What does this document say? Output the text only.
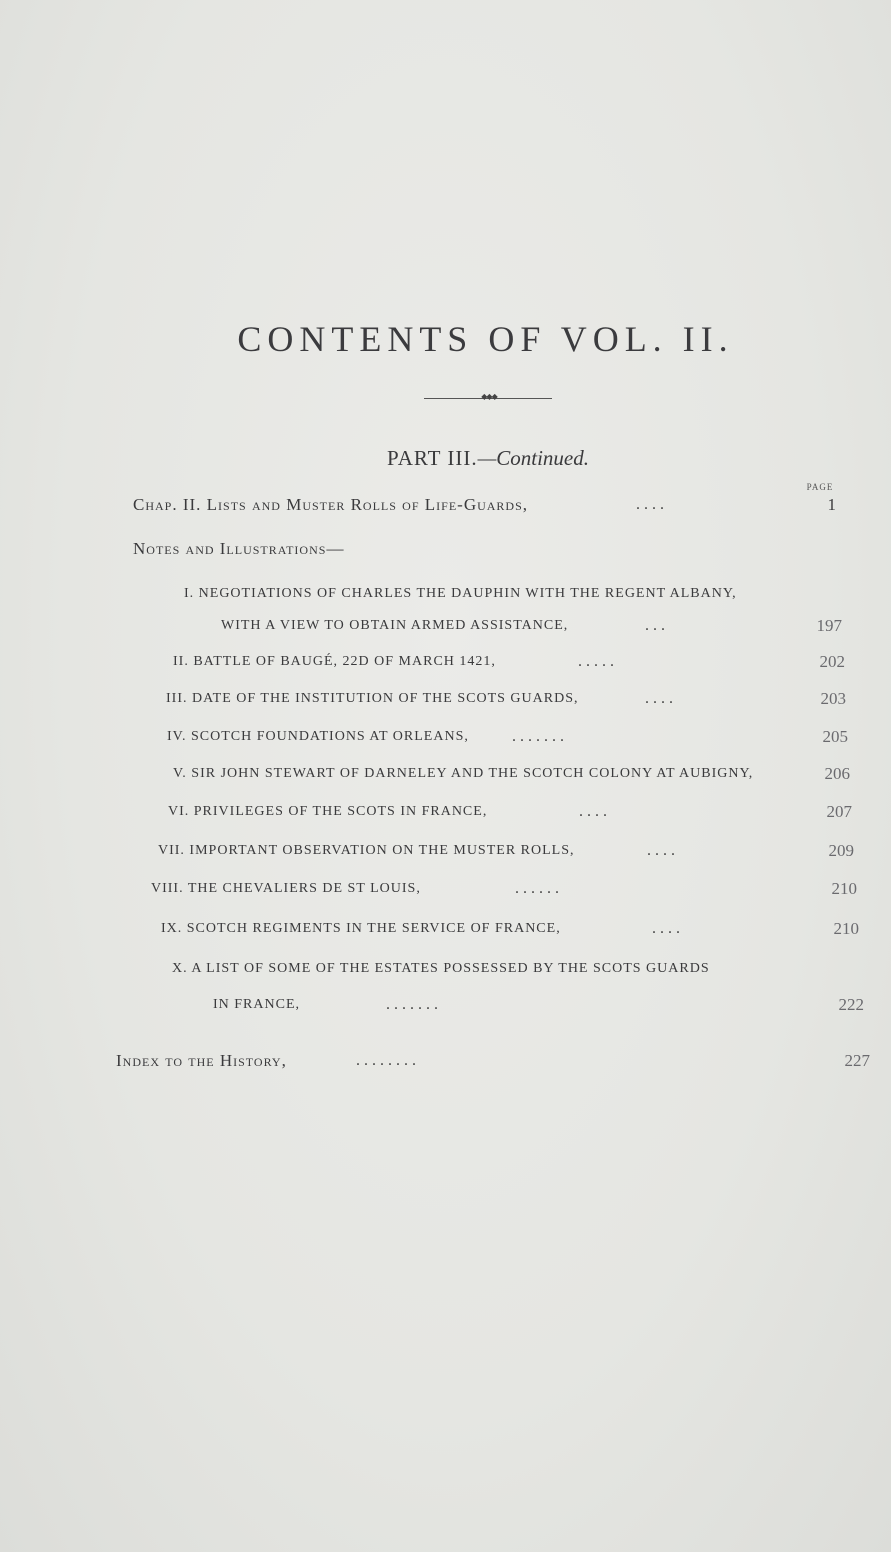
CONTENTS OF VOL. II.
◆◆◆
PART III.—Continued.
PAGE
Chap. II. Lists and Muster Rolls of Life-Guards,	. . . .	1
Notes and Illustrations—
I. NEGOTIATIONS OF CHARLES THE DAUPHIN WITH THE REGENT ALBANY,
WITH A VIEW TO OBTAIN ARMED ASSISTANCE,	. . .	197
II. BATTLE OF BAUGÉ, 22D OF MARCH 1421,	. . . . .	202
III. DATE OF THE INSTITUTION OF THE SCOTS GUARDS,	. . . .	203
IV. SCOTCH FOUNDATIONS AT ORLEANS,	. . . . . . .	205
V. SIR JOHN STEWART OF DARNELEY AND THE SCOTCH COLONY AT AUBIGNY,	206
VI. PRIVILEGES OF THE SCOTS IN FRANCE,	. . . .	207
VII. IMPORTANT OBSERVATION ON THE MUSTER ROLLS,	. . . .	209
VIII. THE CHEVALIERS DE ST LOUIS,	. . . . . .	210
IX. SCOTCH REGIMENTS IN THE SERVICE OF FRANCE,	. . . .	210
X. A LIST OF SOME OF THE ESTATES POSSESSED BY THE SCOTS GUARDS
IN FRANCE,	. . . . . . .	222
Index to the History,	. . . . . . . .	227
